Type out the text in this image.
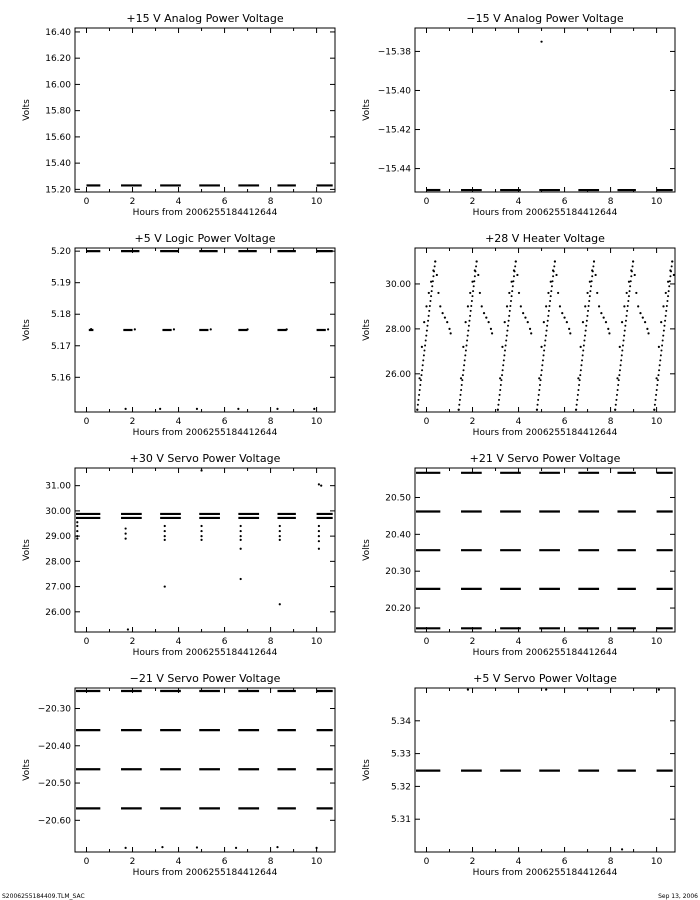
+15 V Analog Power Voltage
0	2	4	6	8	10
15.20
15.40
15.60
15.80
16.00
16.20
16.40
Hours from 2006255184412644
Volts
−15 V Analog Power Voltage
0	2	4	6	8	10
−15.44
−15.42
−15.40
−15.38
Hours from 2006255184412644
Volts
+5 V Logic Power Voltage
0	2	4	6	8	10
5.16
5.17
5.18
5.19
5.20
Hours from 2006255184412644
Volts
+28 V Heater Voltage
0	2	4	6	8	10
26.00
28.00
30.00
Hours from 2006255184412644
Volts
+30 V Servo Power Voltage
0	2	4	6	8	10
26.00
27.00
28.00
29.00
30.00
31.00
Hours from 2006255184412644
Volts
+21 V Servo Power Voltage
0	2	4	6	8	10
20.20
20.30
20.40
20.50
Hours from 2006255184412644
Volts
−21 V Servo Power Voltage
0	2	4	6	8	10
−20.60
−20.50
−20.40
−20.30
Hours from 2006255184412644
Volts
+5 V Servo Power Voltage
0	2	4	6	8	10
5.31
5.32
5.33
5.34
Hours from 2006255184412644
Volts
S2006255184409.TLM_SAC	Sep 13, 2006
